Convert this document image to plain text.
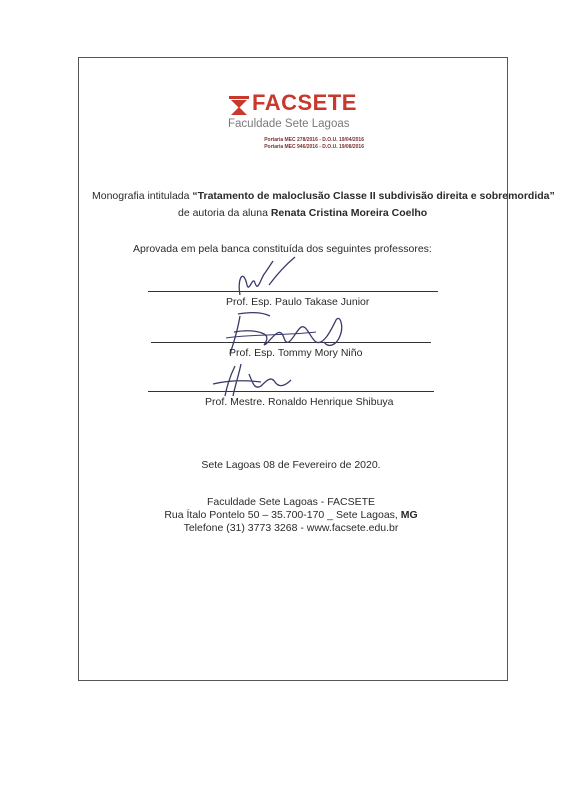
FACSETE
Faculdade Sete Lagoas
Portaria MEC 278/2016 - D.O.U. 19/04/2016
Portaria MEC 946/2016 - D.O.U. 19/08/2016
Monografia intitulada “Tratamento de maloclusão Classe II subdivisão direita e sobremordida”
de autoria da aluna Renata Cristina Moreira Coelho
Aprovada em pela banca constituída dos seguintes professores:
Prof. Esp. Paulo Takase Junior
Prof. Esp. Tommy Mory Niño
Prof. Mestre. Ronaldo Henrique Shibuya
Sete Lagoas 08 de Fevereiro de 2020.
Faculdade Sete Lagoas - FACSETE
Rua Ítalo Pontelo 50 – 35.700-170 _ Sete Lagoas, MG
Telefone (31) 3773 3268 - www.facsete.edu.br
